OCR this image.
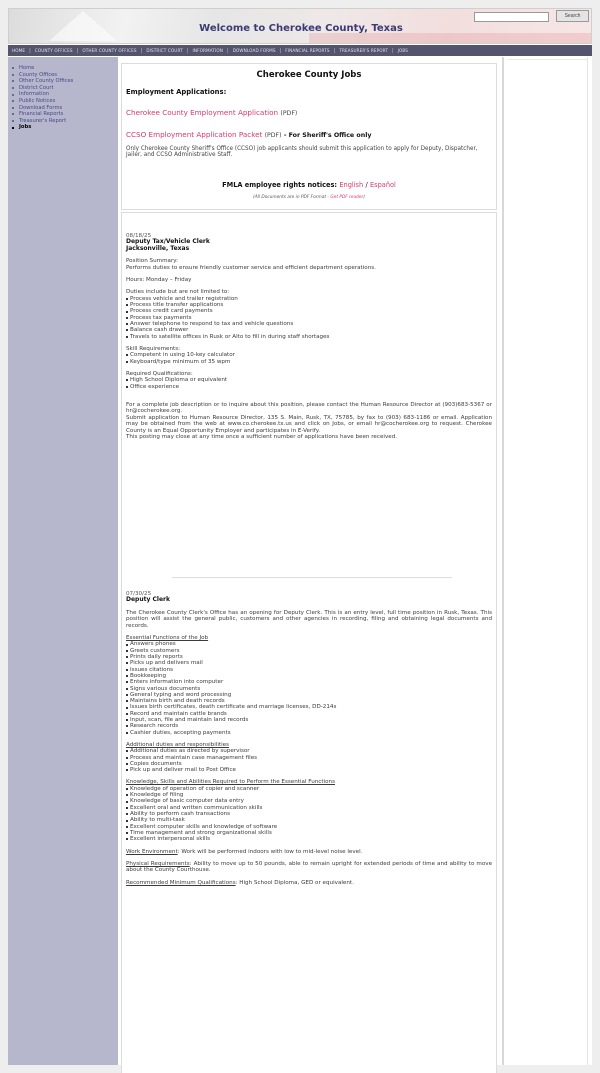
Welcome to Cherokee County, Texas
Search
HOME | COUNTY OFFICES | OTHER COUNTY OFFICES | DISTRICT COURT | INFORMATION | DOWNLOAD FORMS | FINANCIAL REPORTS | TREASURER'S REPORT | JOBS
Home
County Offices
Other County Offices
District Court
Information
Public Notices
Download Forms
Financial Reports
Treasurer's Report
Jobs
Cherokee County Jobs
Employment Applications:
Cherokee County Employment Application (PDF)
CCSO Employment Application Packet (PDF) - For Sheriff's Office only
Only Cherokee County Sheriff's Office (CCSO) job applicants should submit this application to apply for Deputy, Dispatcher, Jailer, and CCSO Administrative Staff.
FMLA employee rights notices: English / Español
(All Documents are in PDF Format - Get PDF reader)

08/18/25

Deputy Tax/Vehicle Clerk

Jacksonville, Texas

Position Summary:

Performs duties to ensure friendly customer service and efficient department operations.

Hours: Monday – Friday

Duties include but are not limited to:

Process vehicle and trailer registration
Process title transfer applications
Process credit card payments
Process tax payments
Answer telephone to respond to tax and vehicle questions
Balance cash drawer
Travels to satellite offices in Rusk or Alto to fill in during staff shortages

Skill Requirements:

Competent in using 10-key calculator
Keyboard/type minimum of 35 wpm

Required Qualifications:

High School Diploma or equivalent
Office experience

For a complete job description or to inquire about this position, please contact the Human Resource Director at (903)683-5367 or hr@cocherokee.org.

Submit application to Human Resource Director, 135 S. Main, Rusk, TX, 75785, by fax to (903) 683-1186 or email. Application may be obtained from the web at www.co.cherokee.tx.us and click on Jobs, or email hr@cocherokee.org to request. Cherokee County is an Equal Opportunity Employer and participates in E-Verify.

This posting may close at any time once a sufficient number of applications have been received.

07/30/25

Deputy Clerk

The Cherokee County Clerk's Office has an opening for Deputy Clerk. This is an entry level, full time position in Rusk, Texas. This position will assist the general public, customers and other agencies in recording, filing and obtaining legal documents and records.

Essential Functions of the Job

Answers phones
Greets customers
Prints daily reports
Picks up and delivers mail
Issues citations
Bookkeeping
Enters information into computer
Signs various documents
General typing and word processing
Maintains birth and death records
Issues birth certificates, death certificate and marriage licenses, DD-214s
Record and maintain cattle brands
Input, scan, file and maintain land records
Research records
Cashier duties, accepting payments

Additional duties and responsibilities

Additional duties as directed by supervisor
Process and maintain case management files
Copies documents
Pick up and deliver mail to Post Office

Knowledge, Skills and Abilities Required to Perform the Essential Functions

Knowledge of operation of copier and scanner
Knowledge of filing
Knowledge of basic computer data entry
Excellent oral and written communication skills
Ability to perform cash transactions
Ability to multi-task
Excellent computer skills and knowledge of software
Time management and strong organizational skills
Excellent interpersonal skills

Work Environment: Work will be performed indoors with low to mid-level noise level.

Physical Requirements: Ability to move up to 50 pounds, able to remain upright for extended periods of time and ability to move about the County Courthouse.

Recommended Minimum Qualifications: High School Diploma, GED or equivalent.
